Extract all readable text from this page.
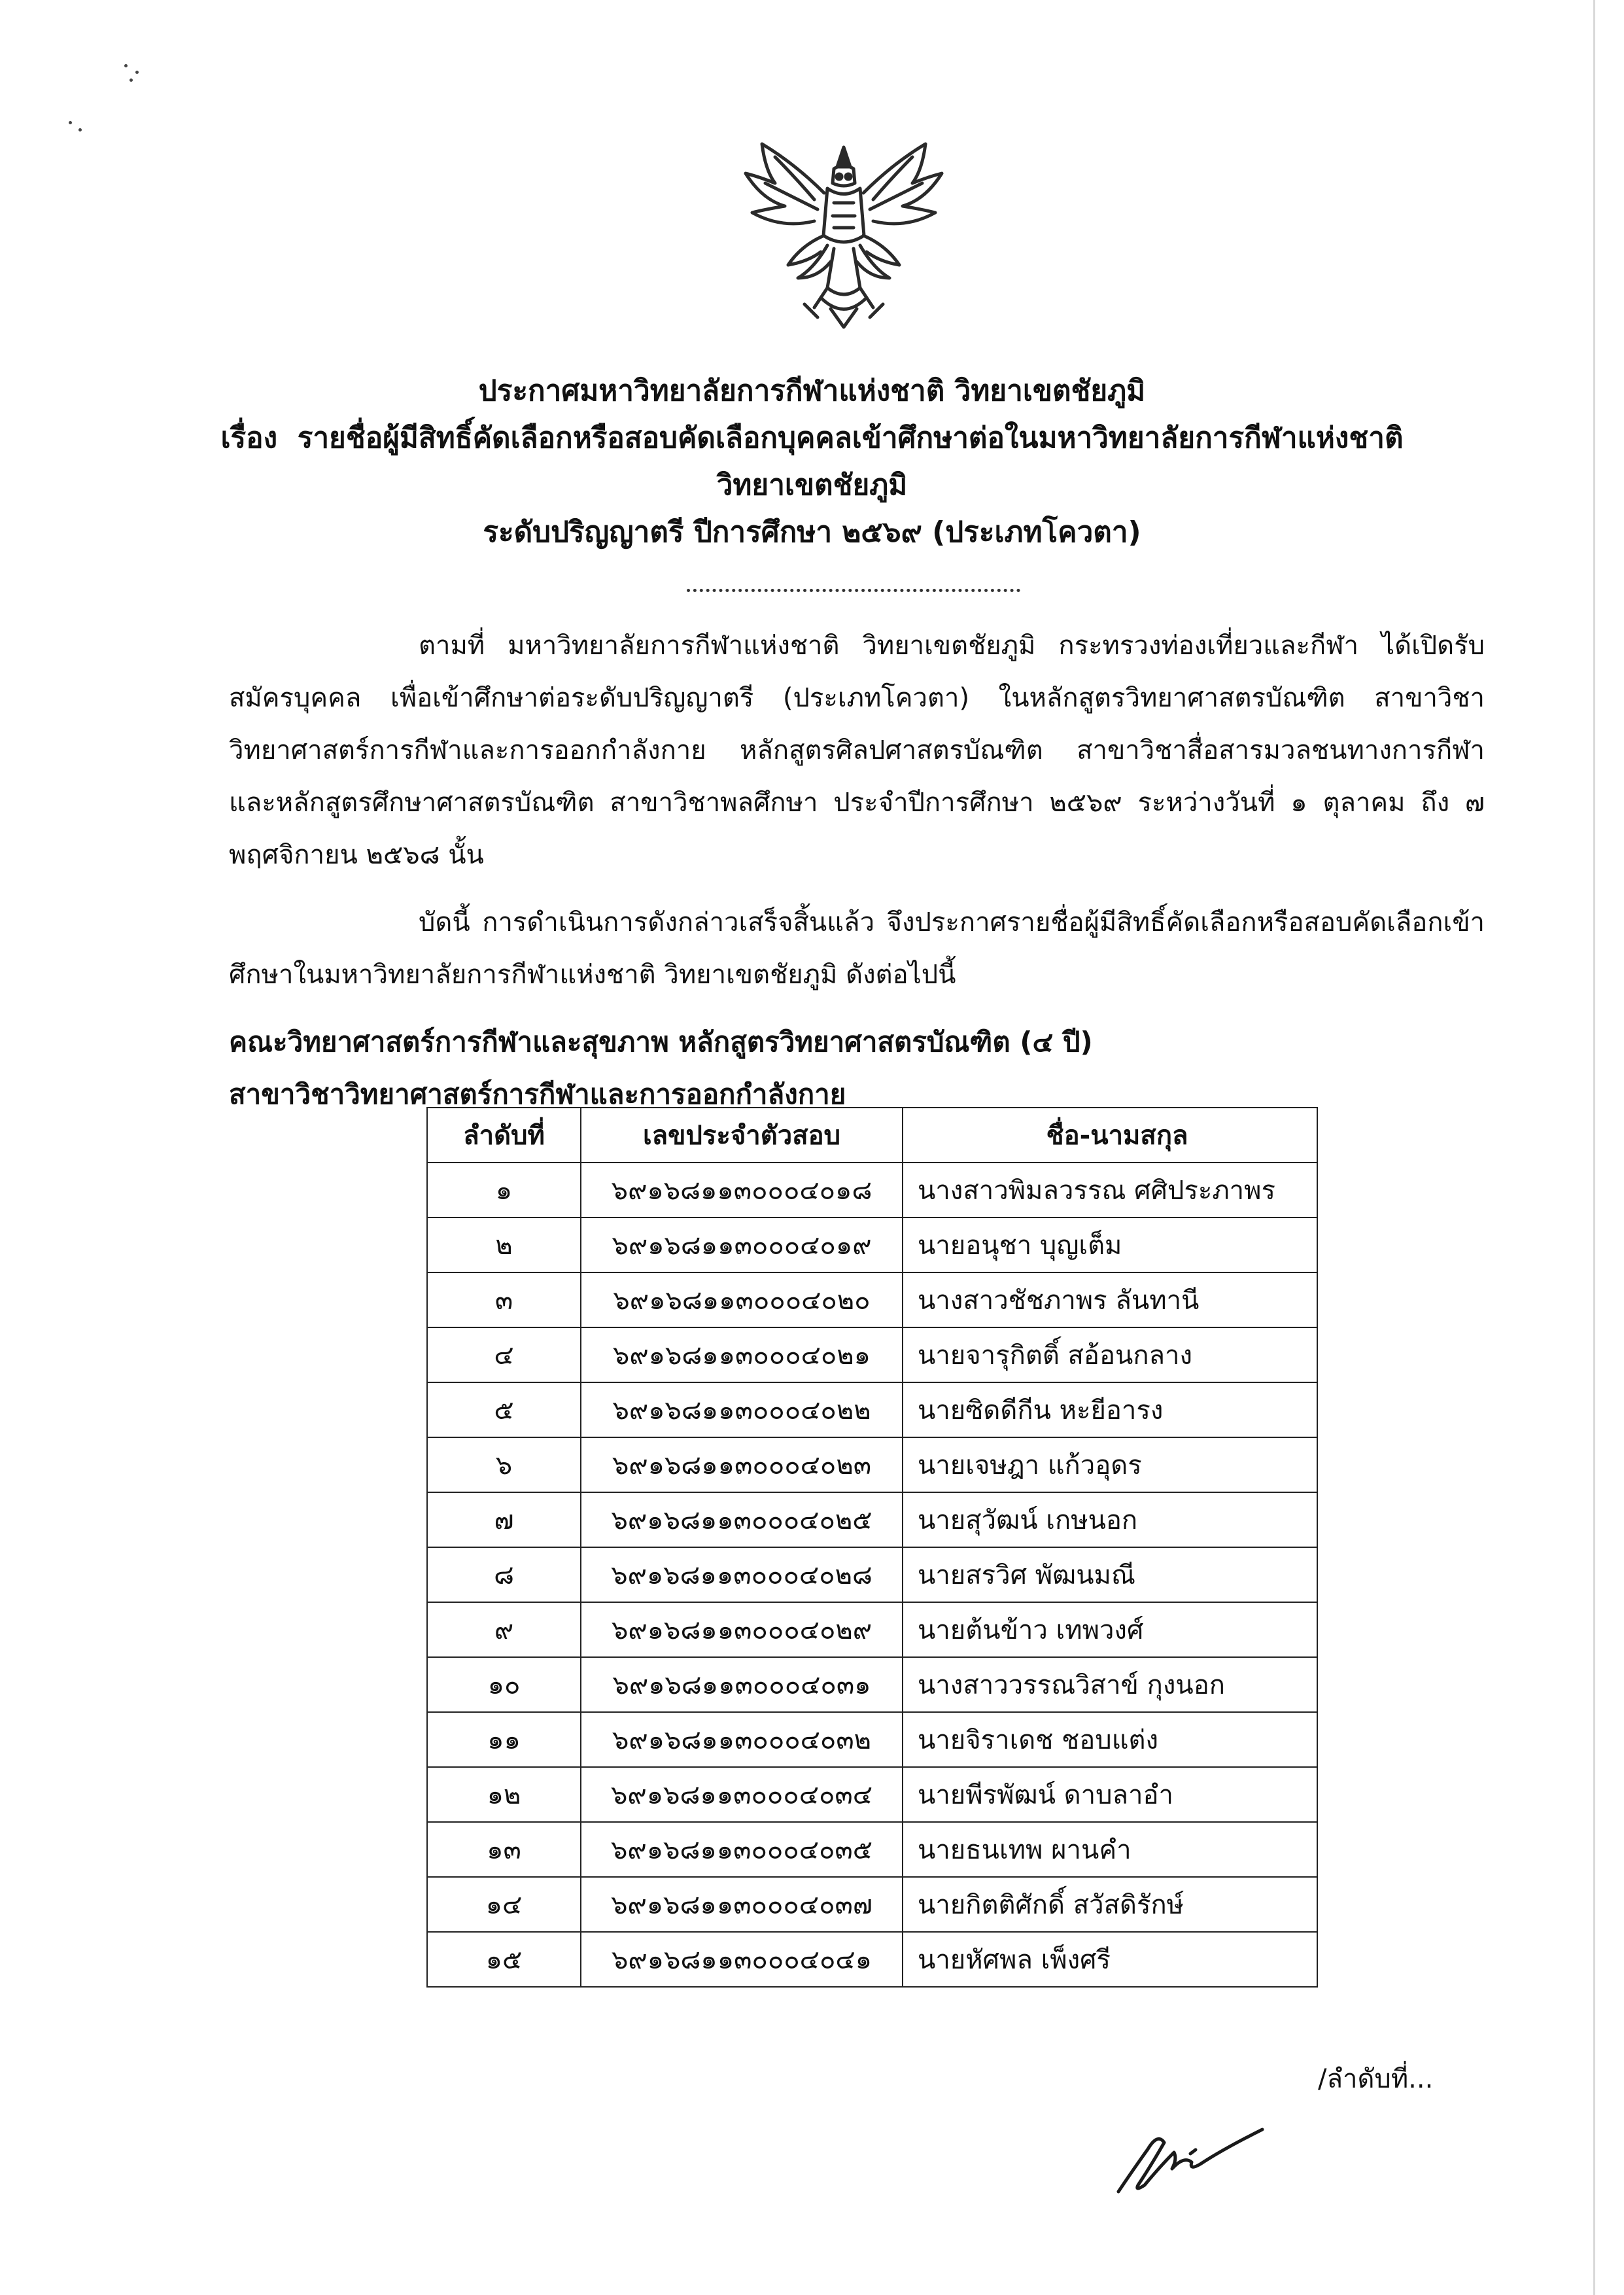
ประกาศมหาวิทยาลัยการกีฬาแห่งชาติ วิทยาเขตชัยภูมิ
เรื่อง รายชื่อผู้มีสิทธิ์คัดเลือกหรือสอบคัดเลือกบุคคลเข้าศึกษาต่อในมหาวิทยาลัยการกีฬาแห่งชาติ
วิทยาเขตชัยภูมิ
ระดับปริญญาตรี ปีการศึกษา ๒๕๖๙ (ประเภทโควตา)
ตามที่ มหาวิทยาลัยการกีฬาแห่งชาติ วิทยาเขตชัยภูมิ กระทรวงท่องเที่ยวและกีฬา ได้เปิดรับสมัครบุคคล เพื่อเข้าศึกษาต่อระดับปริญญาตรี (ประเภทโควตา) ในหลักสูตรวิทยาศาสตรบัณฑิต สาขาวิชาวิทยาศาสตร์การกีฬาและการออกกำลังกาย หลักสูตรศิลปศาสตรบัณฑิต สาขาวิชาสื่อสารมวลชนทางการกีฬา และหลักสูตรศึกษาศาสตรบัณฑิต สาขาวิชาพลศึกษา ประจำปีการศึกษา ๒๕๖๙ ระหว่างวันที่ ๑ ตุลาคม ถึง ๗ พฤศจิกายน ๒๕๖๘ นั้น
บัดนี้ การดำเนินการดังกล่าวเสร็จสิ้นแล้ว จึงประกาศรายชื่อผู้มีสิทธิ์คัดเลือกหรือสอบคัดเลือกเข้าศึกษาในมหาวิทยาลัยการกีฬาแห่งชาติ วิทยาเขตชัยภูมิ ดังต่อไปนี้
คณะวิทยาศาสตร์การกีฬาและสุขภาพ หลักสูตรวิทยาศาสตรบัณฑิต (๔ ปี)
สาขาวิชาวิทยาศาสตร์การกีฬาและการออกกำลังกาย
ลำดับที่	เลขประจำตัวสอบ	ชื่อ-นามสกุล
๑	๖๙๑๖๘๑๑๓๐๐๐๔๐๑๘	นางสาวพิมลวรรณ ศศิประภาพร
๒	๖๙๑๖๘๑๑๓๐๐๐๔๐๑๙	นายอนุชา บุญเต็ม
๓	๖๙๑๖๘๑๑๓๐๐๐๔๐๒๐	นางสาวชัชภาพร ลันทานี
๔	๖๙๑๖๘๑๑๓๐๐๐๔๐๒๑	นายจารุกิตติ์ สอ้อนกลาง
๕	๖๙๑๖๘๑๑๓๐๐๐๔๐๒๒	นายซิดดีกีน หะยีอารง
๖	๖๙๑๖๘๑๑๓๐๐๐๔๐๒๓	นายเจษฎา แก้วอุดร
๗	๖๙๑๖๘๑๑๓๐๐๐๔๐๒๕	นายสุวัฒน์ เกษนอก
๘	๖๙๑๖๘๑๑๓๐๐๐๔๐๒๘	นายสรวิศ พัฒนมณี
๙	๖๙๑๖๘๑๑๓๐๐๐๔๐๒๙	นายต้นข้าว เทพวงศ์
๑๐	๖๙๑๖๘๑๑๓๐๐๐๔๐๓๑	นางสาววรรณวิสาข์ กุงนอก
๑๑	๖๙๑๖๘๑๑๓๐๐๐๔๐๓๒	นายจิราเดช ชอบแต่ง
๑๒	๖๙๑๖๘๑๑๓๐๐๐๔๐๓๔	นายพีรพัฒน์ ดาบลาอำ
๑๓	๖๙๑๖๘๑๑๓๐๐๐๔๐๓๕	นายธนเทพ ผานคำ
๑๔	๖๙๑๖๘๑๑๓๐๐๐๔๐๓๗	นายกิตติศักดิ์ สวัสดิรักษ์
๑๕	๖๙๑๖๘๑๑๓๐๐๐๔๐๔๑	นายหัศพล เพ็งศรี
/ลำดับที่...
